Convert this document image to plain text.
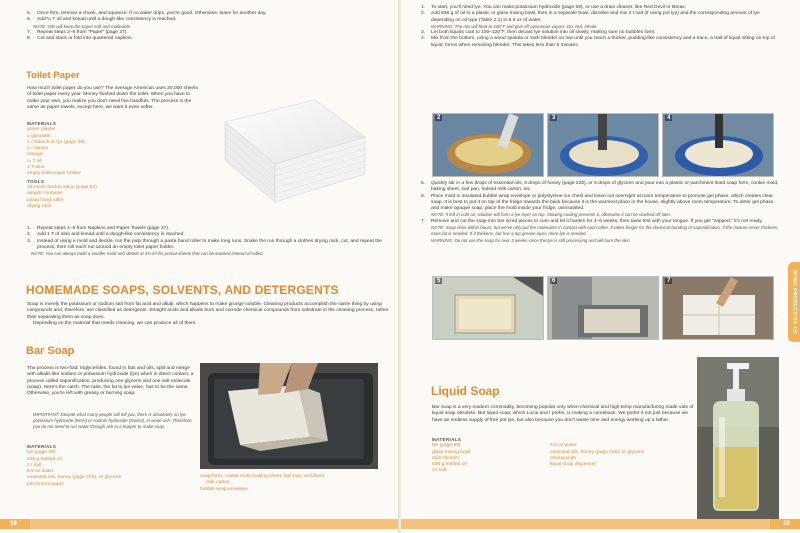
5. Once firm, remove a chunk, and squeeze. If no water drips, you're good. Otherwise, leave for another day.
6. Add ¼ T oil and knead until a dough-like consistency is reached.
NOTE: Oils will keep the paper soft and malleable.
7. Repeat steps 2–6 from “Paper” (page 37).
8. Cut and stack or fold into quartered napkins.
Toilet Paper
How much toilet paper do you use? The average American uses 20,000 sheets of toilet paper every year. Money flushed down the toilet. When you have to make your own, you realize you don't need five handfuls. The process is the same as paper towels, except here, we want it even softer.
MATERIALS
green plaster
1 gal water
1 c bleach or lye (page 59)
1 c tannin
vinegar
¼ T oil
1 T aloe
empty toilet paper holder
TOOLS
18-mesh bucket sieve (page 64)
airtight container
pasta hand roller
drying rack
1. Repeat steps 1–5 from Napkins and Paper Towels (page 37).
2. Add 1 T of aloe and knead until a dough-like consistency is reached.
3.	Instead of using a mold and deckle, run the pulp through a pasta hand roller to make long runs. Snake the run through a clothes drying rack, cut, and repeat the process, then roll each run around an empty toilet paper holder.
NOTE: You can always build a smaller mold and deckle at 4½ in² for precut sheets that can be stacked instead of rolled.
HOMEMADE SOAPS, SOLVENTS, AND DETERGENTS
Soap is merely the potassium or sodium salt from fat acid and alkali, which happens to make grunge soluble. Cleaning products accomplish the same thing by using compounds and, therefore, are classified as detergents. Straight acids and alkalis burn and corrode chemical compounds from substrate in the cleaning process, rather than separating them as soap does.
Depending on the material that needs cleaning, we can produce all of them.
Bar Soap
The process is two-fold: triglycerides, found in fats and oils, split and merge with alkalis like sodium or potassium hydroxide (lye) when in direct contact, a process called saponification, producing one glycerin and one salt molecule (soap). Here's the catch. The ratio, the fat to lye value, has to be the same. Otherwise, you're left with greasy or burning soap.
IMPORTANT: Despite what many people will tell you, there is absolutely no lye, potassium hydroxide (KOH) or sodium hydroxide (NaOH), in wood ash. Therefore, you do not need to run water through ash in a hopper to make soap.
MATERIALS
lye (page 59)
836 g melted oil
2 t salt
8.5 oz water
essential oils, honey (page 220), or glycerin
parchment paper
soap form, cookie mold, baking sheet, loaf pan, or halved
milk carton
bubble wrap envelope
38
1.	To start, you'll need lye. You can make potassium hydroxide (page 59), or use a drain cleaner, like Red Devil or Borax.
2.	Add 836 g of oil to a plastic or glass mixing bowl, then in a separate bowl, dissolve and mix 2 t salt (if using pot lye) and the corresponding amount of lye depending on oil type (Table 2.1) in 8.5 oz of water.
WARNING: The mix will heat to 200°F and give off poisonous vapors. Do. Not. Inhale.
3.	Let both liquids cool to 100–120°F, then decant lye solution into oil slowly, making sure no bubbles form.
4.	Mix from the bottom, using a wood spatula or stick blender on low until you reach a thicker, pudding-like consistency and a trace, a trail of liquid sitting on top of liquid, forms when removing blender. This takes less than 5 minutes.
2	3	4
5.	Quickly stir in a few drops of essential oils, 9 drops of honey (page 220), or 5 drops of glycerin and pour into a plastic or parchment lined soap form, cookie mold, baking sheet, loaf pan, halved milk carton, etc.
6.	Place mold in insulated bubble wrap envelope or polystyrene ice chest and leave out overnight at room temperature to promote gel phase, which creates clear soap. It is best to put it on top of the fridge towards the back because it is the warmest place in the house, slightly above room temperature. To deter gel phase and make opaque soap, place the mold inside your fridge, uninsulated.
NOTE: If left in cold air, solution will form a lye layer on top. Slowing cooling prevents it, otherwise it can be washed off later.
7.	Remove and cut the soap into bar sized pieces to cure and let it harden for 4–6 weeks, then taste test with your tongue. If you get “zapped,” it's not ready.
NOTE: Soap dries within hours, but we've only put the molecules in contact with each other. It takes longer for the chemical bonding of saponification. If the mixture never thickens, more fat is needed. If it thickens, but has a top grease layer, more lye is needed.
WARNING: Do not use the soap for over 3 weeks since the lye is still processing and will burn the skin.
5	6	7
Liquid Soap
Bar soap is a very modern commodity, becoming popular only when chemical and high temp manufacturing made vats of liquid soap obsolete. But liquid soap, which Lucia and I prefer, is making a comeback. We prefer it not just because we have an endless supply of free pot lye, but also because you don't waste time and energy working up a lather.
MATERIALS
lye (page 59)
glass mixing bowl
stick blender
836 g melted oil
2 t salt
8.5 oz water
essential oils, honey (page 220), or glycerin
cheesecloth
liquid soap dispenser
HOME PRODUCTION OF PRODUCTS
39
